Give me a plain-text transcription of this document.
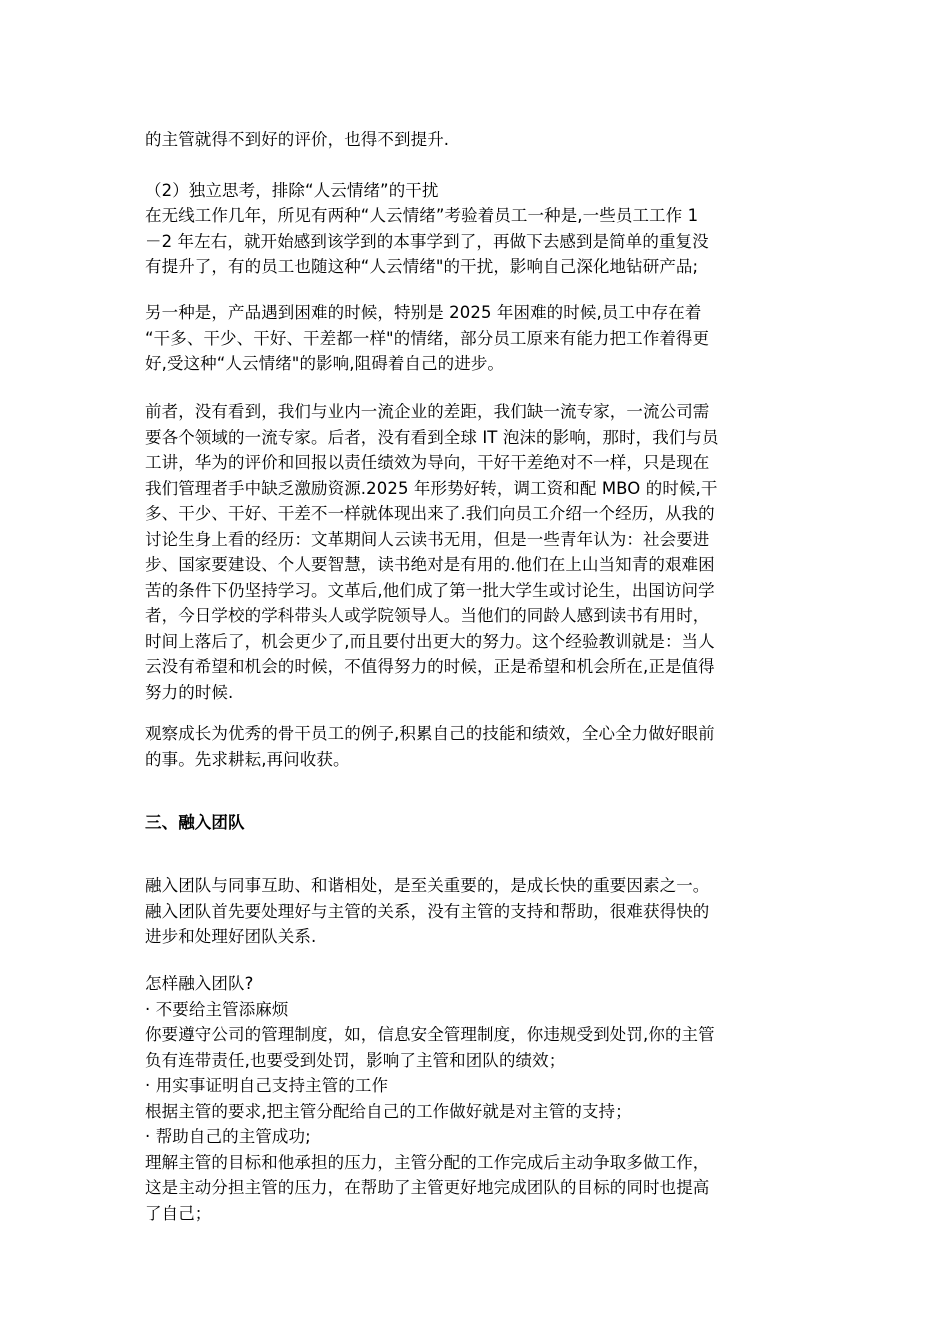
的主管就得不到好的评价，也得不到提升.

（2）独立思考，排除“人云情绪”的干扰

在无线工作几年，所见有两种“人云情绪”考验着员工一种是,一些员工工作 1
－2 年左右，就开始感到该学到的本事学到了，再做下去感到是简单的重复没
有提升了，有的员工也随这种“人云情绪"的干扰，影响自己深化地钻研产品;

另一种是，产品遇到困难的时候，特别是 2025 年困难的时候,员工中存在着
“干多、干少、干好、干差都一样"的情绪，部分员工原来有能力把工作着得更
好,受这种“人云情绪"的影响,阻碍着自己的进步。

前者，没有看到，我们与业内一流企业的差距，我们缺一流专家，一流公司需
要各个领域的一流专家。后者，没有看到全球 IT 泡沫的影响，那时，我们与员
工讲，华为的评价和回报以责任绩效为导向，干好干差绝对不一样，只是现在
我们管理者手中缺乏激励资源.2025 年形势好转，调工资和配 MBO 的时候,干
多、干少、干好、干差不一样就体现出来了.我们向员工介绍一个经历，从我的
讨论生身上看的经历：文革期间人云读书无用，但是一些青年认为：社会要进
步、国家要建设、个人要智慧，读书绝对是有用的.他们在上山当知青的艰难困
苦的条件下仍坚持学习。文革后,他们成了第一批大学生或讨论生，出国访问学
者，今日学校的学科带头人或学院领导人。当他们的同龄人感到读书有用时，
时间上落后了，机会更少了,而且要付出更大的努力。这个经验教训就是：当人
云没有希望和机会的时候，不值得努力的时候，正是希望和机会所在,正是值得
努力的时候.

观察成长为优秀的骨干员工的例子,积累自己的技能和绩效，全心全力做好眼前
的事。先求耕耘,再问收获。

三、融入团队

融入团队与同事互助、和谐相处，是至关重要的，是成长快的重要因素之一。
融入团队首先要处理好与主管的关系，没有主管的支持和帮助，很难获得快的
进步和处理好团队关系.

怎样融入团队?
· 不要给主管添麻烦
你要遵守公司的管理制度，如，信息安全管理制度，你违规受到处罚,你的主管
负有连带责任,也要受到处罚，影响了主管和团队的绩效；
· 用实事证明自己支持主管的工作
根据主管的要求,把主管分配给自己的工作做好就是对主管的支持；
· 帮助自己的主管成功;
理解主管的目标和他承担的压力，主管分配的工作完成后主动争取多做工作，
这是主动分担主管的压力，在帮助了主管更好地完成团队的目标的同时也提高
了自己；
